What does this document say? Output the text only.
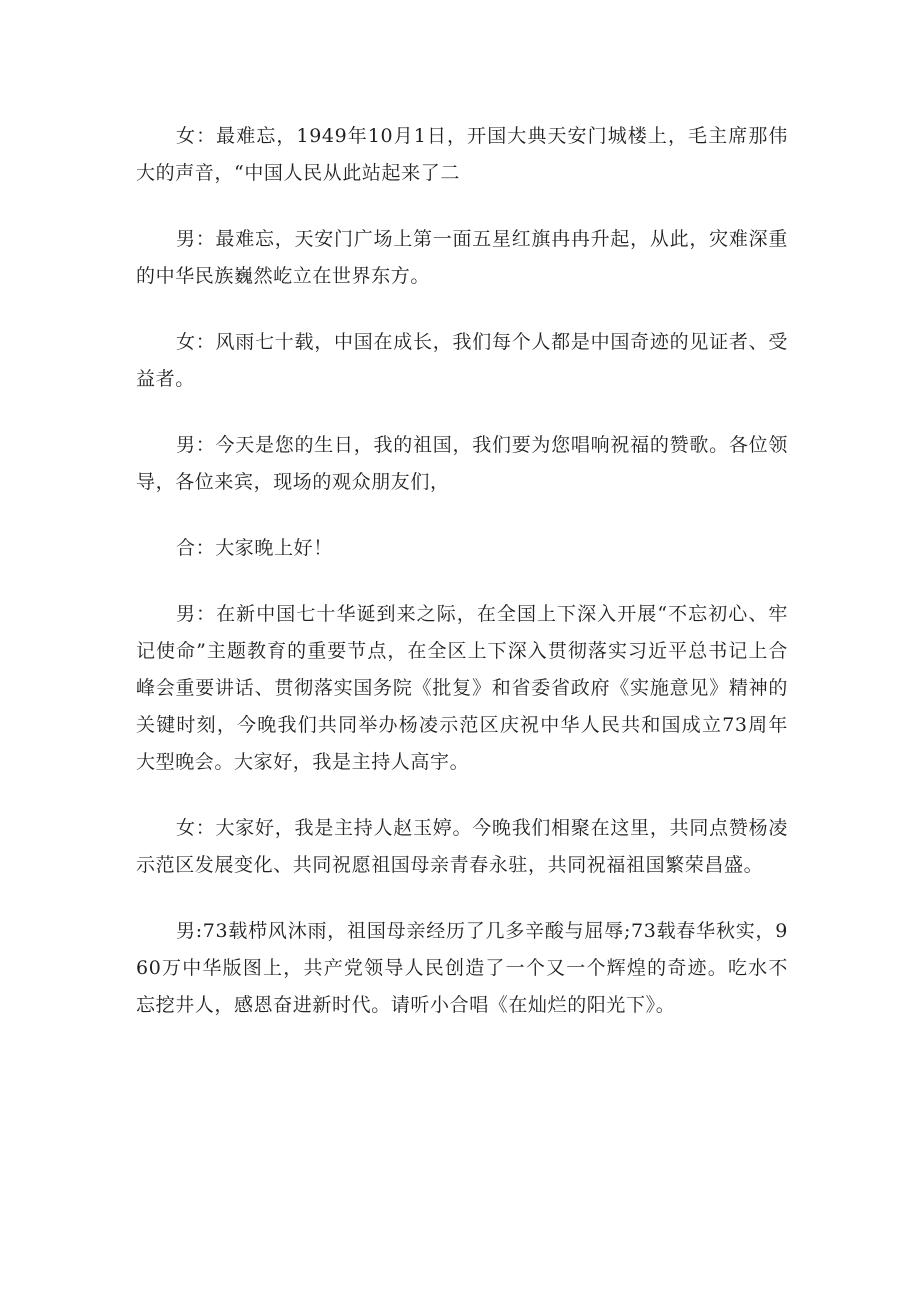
女：最难忘，1949年10月1日，开国大典天安门城楼上，毛主席那伟大的声音，“中国人民从此站起来了二

男：最难忘，天安门广场上第一面五星红旗冉冉升起，从此，灾难深重的中华民族巍然屹立在世界东方。

女：风雨七十载，中国在成长，我们每个人都是中国奇迹的见证者、受益者。

男：今天是您的生日，我的祖国，我们要为您唱响祝福的赞歌。各位领导，各位来宾，现场的观众朋友们，

合：大家晚上好！

男：在新中国七十华诞到来之际，在全国上下深入开展“不忘初心、牢记使命”主题教育的重要节点，在全区上下深入贯彻落实习近平总书记上合峰会重要讲话、贯彻落实国务院《批复》和省委省政府《实施意见》精神的关键时刻，今晚我们共同举办杨凌示范区庆祝中华人民共和国成立73周年大型晚会。大家好，我是主持人高宇。

女：大家好，我是主持人赵玉婷。今晚我们相聚在这里，共同点赞杨凌示范区发展变化、共同祝愿祖国母亲青春永驻，共同祝福祖国繁荣昌盛。

男:73载栉风沐雨，祖国母亲经历了几多辛酸与屈辱;73载春华秋实，960万中华版图上，共产党领导人民创造了一个又一个辉煌的奇迹。吃水不忘挖井人，感恩奋进新时代。请听小合唱《在灿烂的阳光下》。
